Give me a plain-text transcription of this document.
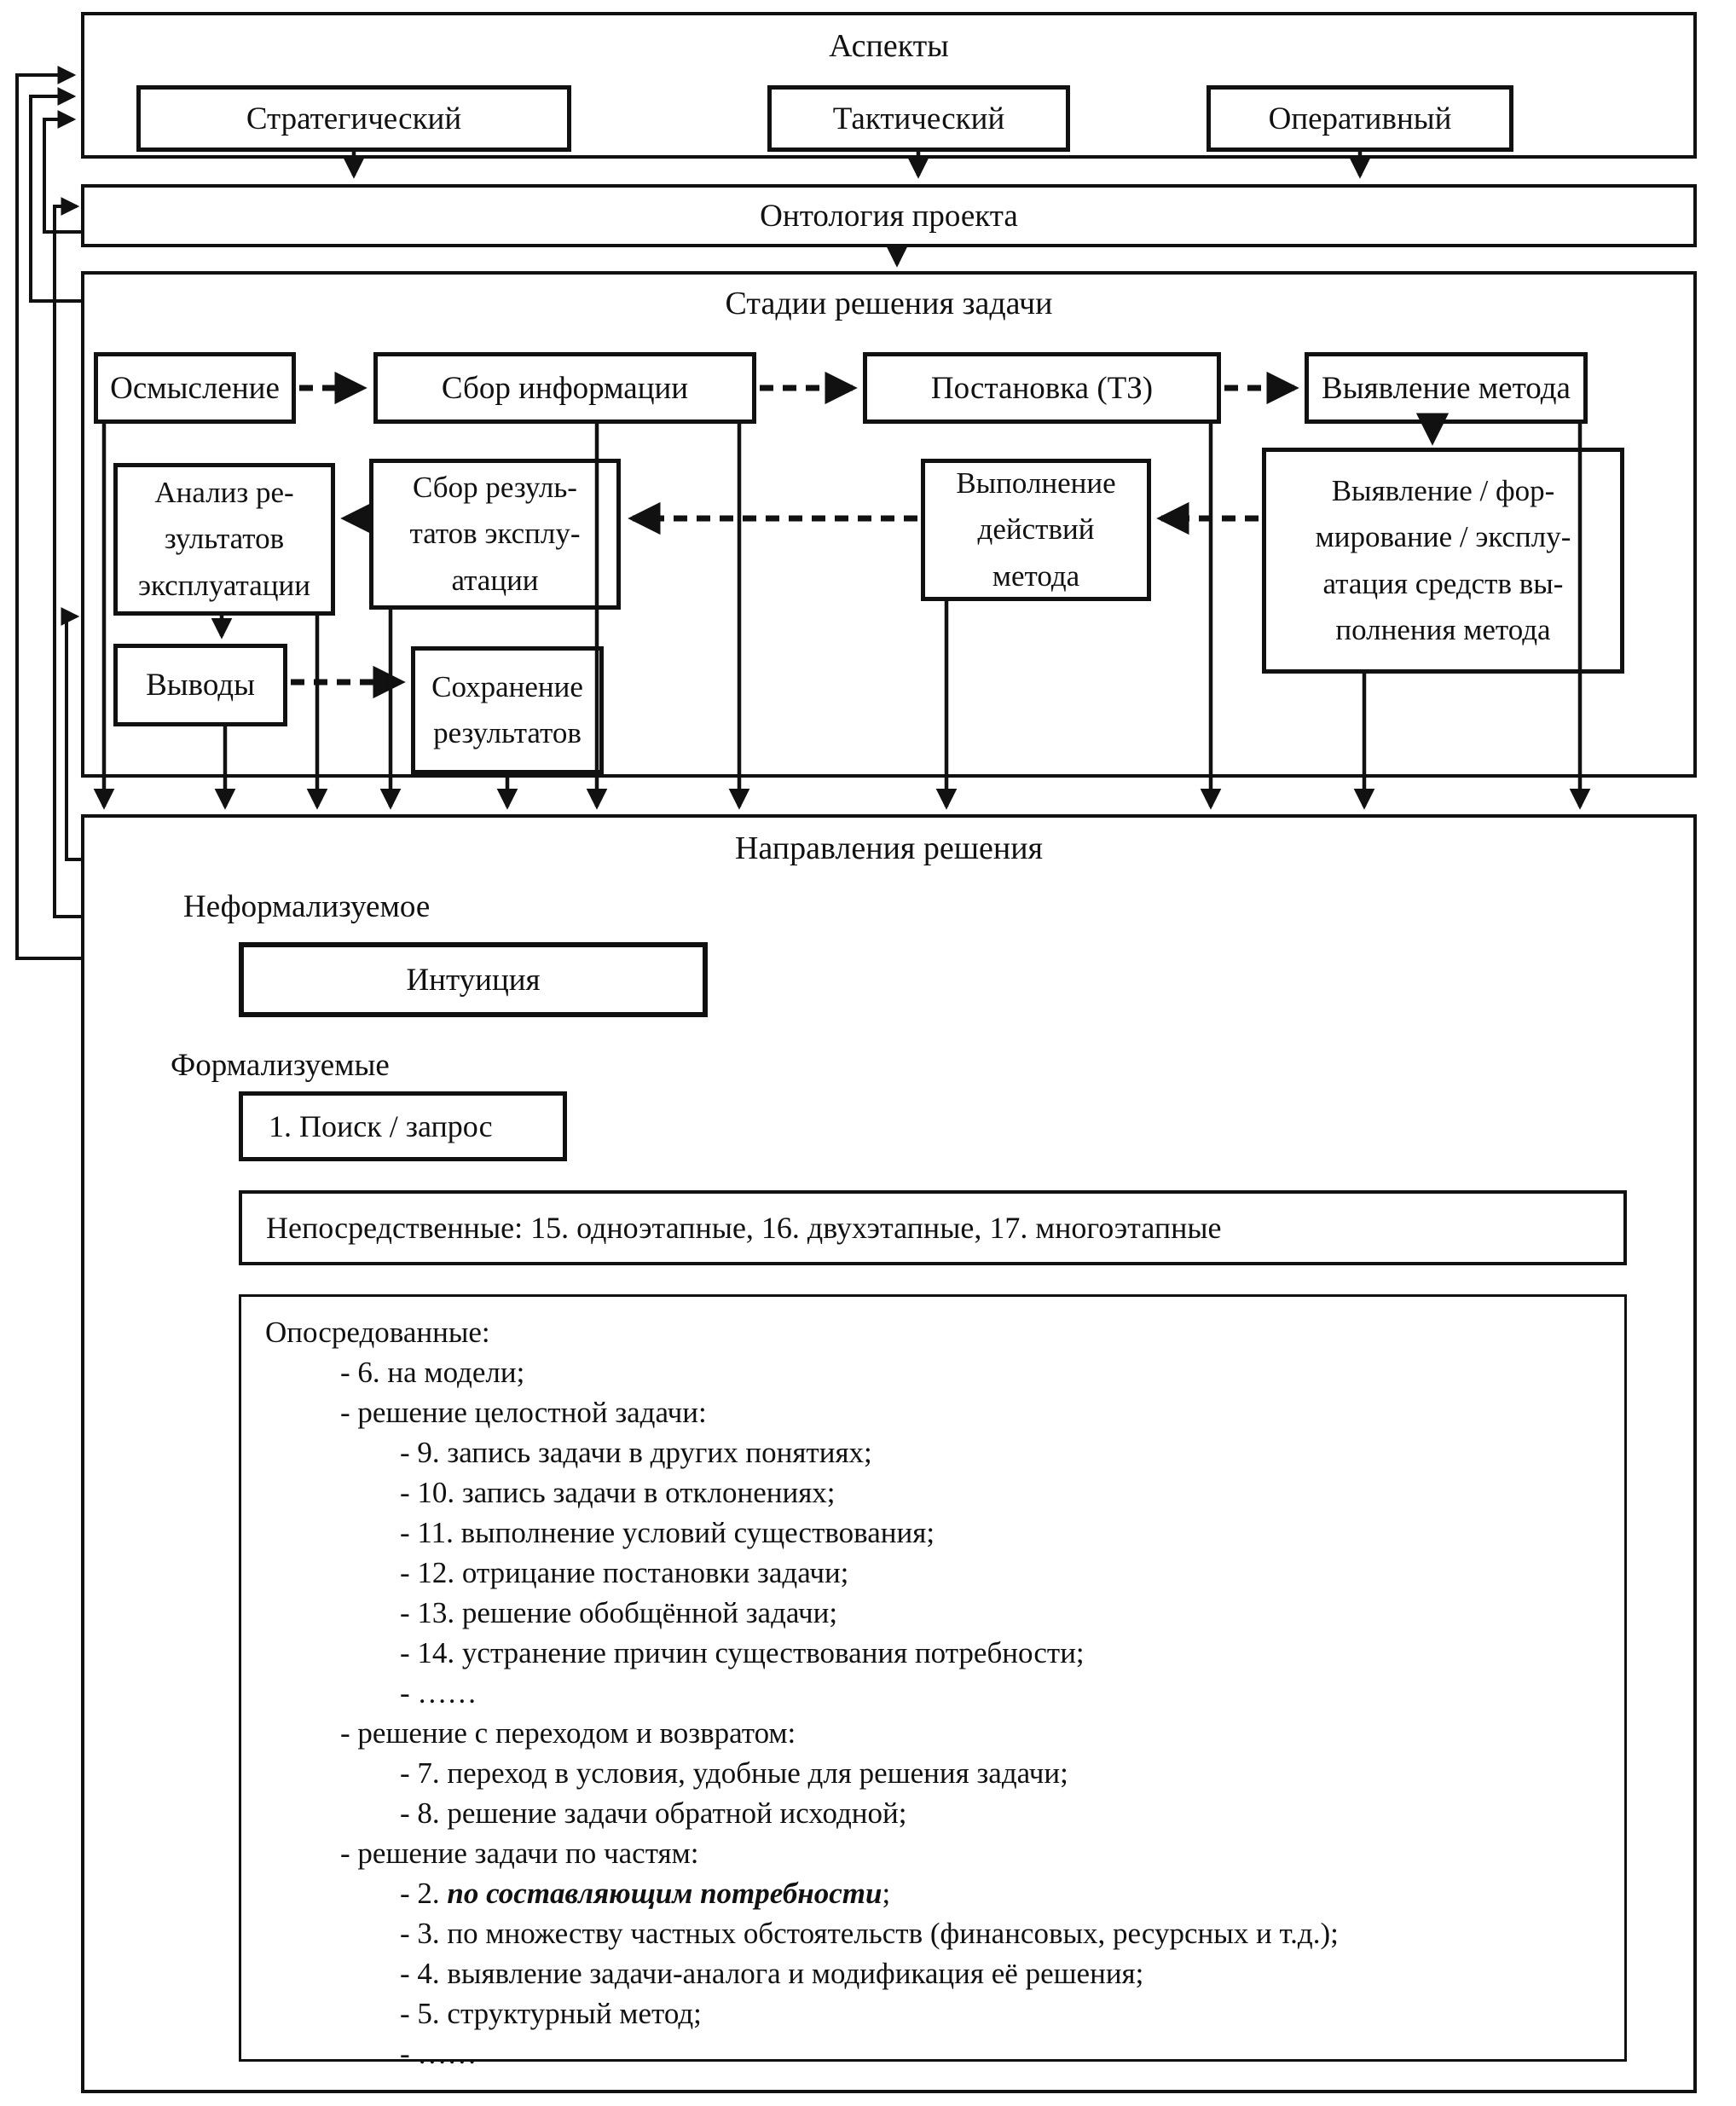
Аспекты
Стратегический	Тактический	Оперативный
Онтология проекта
Стадии решения задачи
Осмысление	Сбор информации	Постановка (ТЗ)	Выявление метода
Выявление / фор-
мирование / эксплу-
атация средств вы-
полнения метода
Выполнение
действий
метода
Сбор резуль-
татов эксплу-
атации
Анализ ре-
зультатов
эксплуатации
Выводы	Сохранение
результатов
Направления решения
Неформализуемое
Интуиция
Формализуемые
1. Поиск / запрос
Непосредственные: 15. одноэтапные, 16. двухэтапные, 17. многоэтапные
Опосредованные:
- 6. на модели;
- решение целостной задачи:
- 9. запись задачи в других понятиях;
- 10. запись задачи в отклонениях;
- 11. выполнение условий существования;
- 12. отрицание постановки задачи;
- 13. решение обобщённой задачи;
- 14. устранение причин существования потребности;
- ……
- решение с переходом и возвратом:
- 7. переход в условия, удобные для решения задачи;
- 8. решение задачи обратной исходной;
- решение задачи по частям:
- 2. по составляющим потребности;
- 3. по множеству частных обстоятельств (финансовых, ресурсных и т.д.);
- 4. выявление задачи-аналога и модификация её решения;
- 5. структурный метод;
- ……
